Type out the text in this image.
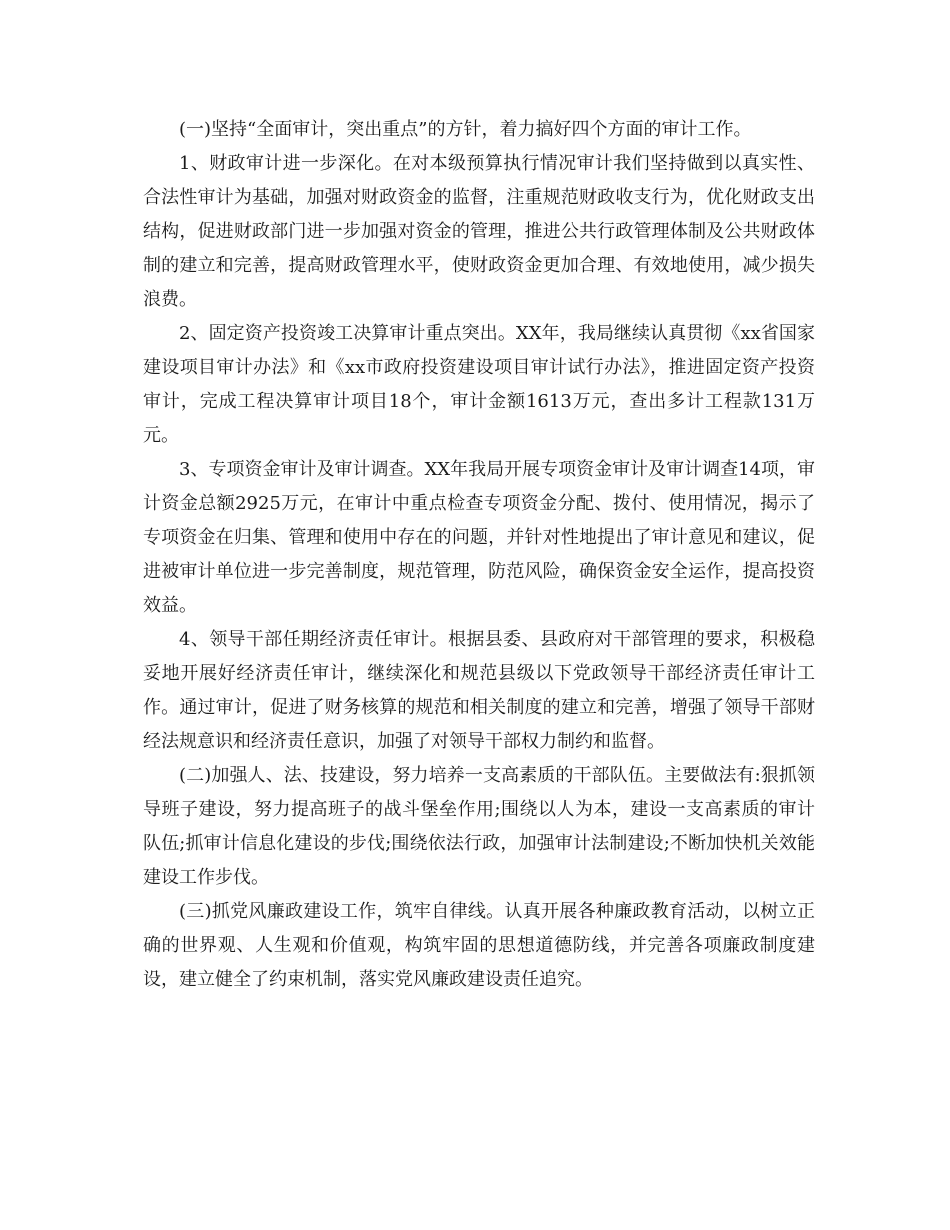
(一)坚持“全面审计，突出重点”的方针，着力搞好四个方面的审计工作。

1、财政审计进一步深化。在对本级预算执行情况审计我们坚持做到以真实性、合法性审计为基础，加强对财政资金的监督，注重规范财政收支行为，优化财政支出结构，促进财政部门进一步加强对资金的管理，推进公共行政管理体制及公共财政体制的建立和完善，提高财政管理水平，使财政资金更加合理、有效地使用，减少损失浪费。

2、固定资产投资竣工决算审计重点突出。XX年，我局继续认真贯彻《xx省国家建设项目审计办法》和《xx市政府投资建设项目审计试行办法》，推进固定资产投资审计，完成工程决算审计项目18个，审计金额1613万元，查出多计工程款131万元。

3、专项资金审计及审计调查。XX年我局开展专项资金审计及审计调查14项，审计资金总额2925万元，在审计中重点检查专项资金分配、拨付、使用情况，揭示了专项资金在归集、管理和使用中存在的问题，并针对性地提出了审计意见和建议，促进被审计单位进一步完善制度，规范管理，防范风险，确保资金安全运作，提高投资效益。

4、领导干部任期经济责任审计。根据县委、县政府对干部管理的要求，积极稳妥地开展好经济责任审计，继续深化和规范县级以下党政领导干部经济责任审计工作。通过审计，促进了财务核算的规范和相关制度的建立和完善，增强了领导干部财经法规意识和经济责任意识，加强了对领导干部权力制约和监督。

(二)加强人、法、技建设，努力培养一支高素质的干部队伍。主要做法有:狠抓领导班子建设，努力提高班子的战斗堡垒作用;围绕以人为本，建设一支高素质的审计队伍;抓审计信息化建设的步伐;围绕依法行政，加强审计法制建设;不断加快机关效能建设工作步伐。

(三)抓党风廉政建设工作，筑牢自律线。认真开展各种廉政教育活动，以树立正确的世界观、人生观和价值观，构筑牢固的思想道德防线，并完善各项廉政制度建设，建立健全了约束机制，落实党风廉政建设责任追究。
